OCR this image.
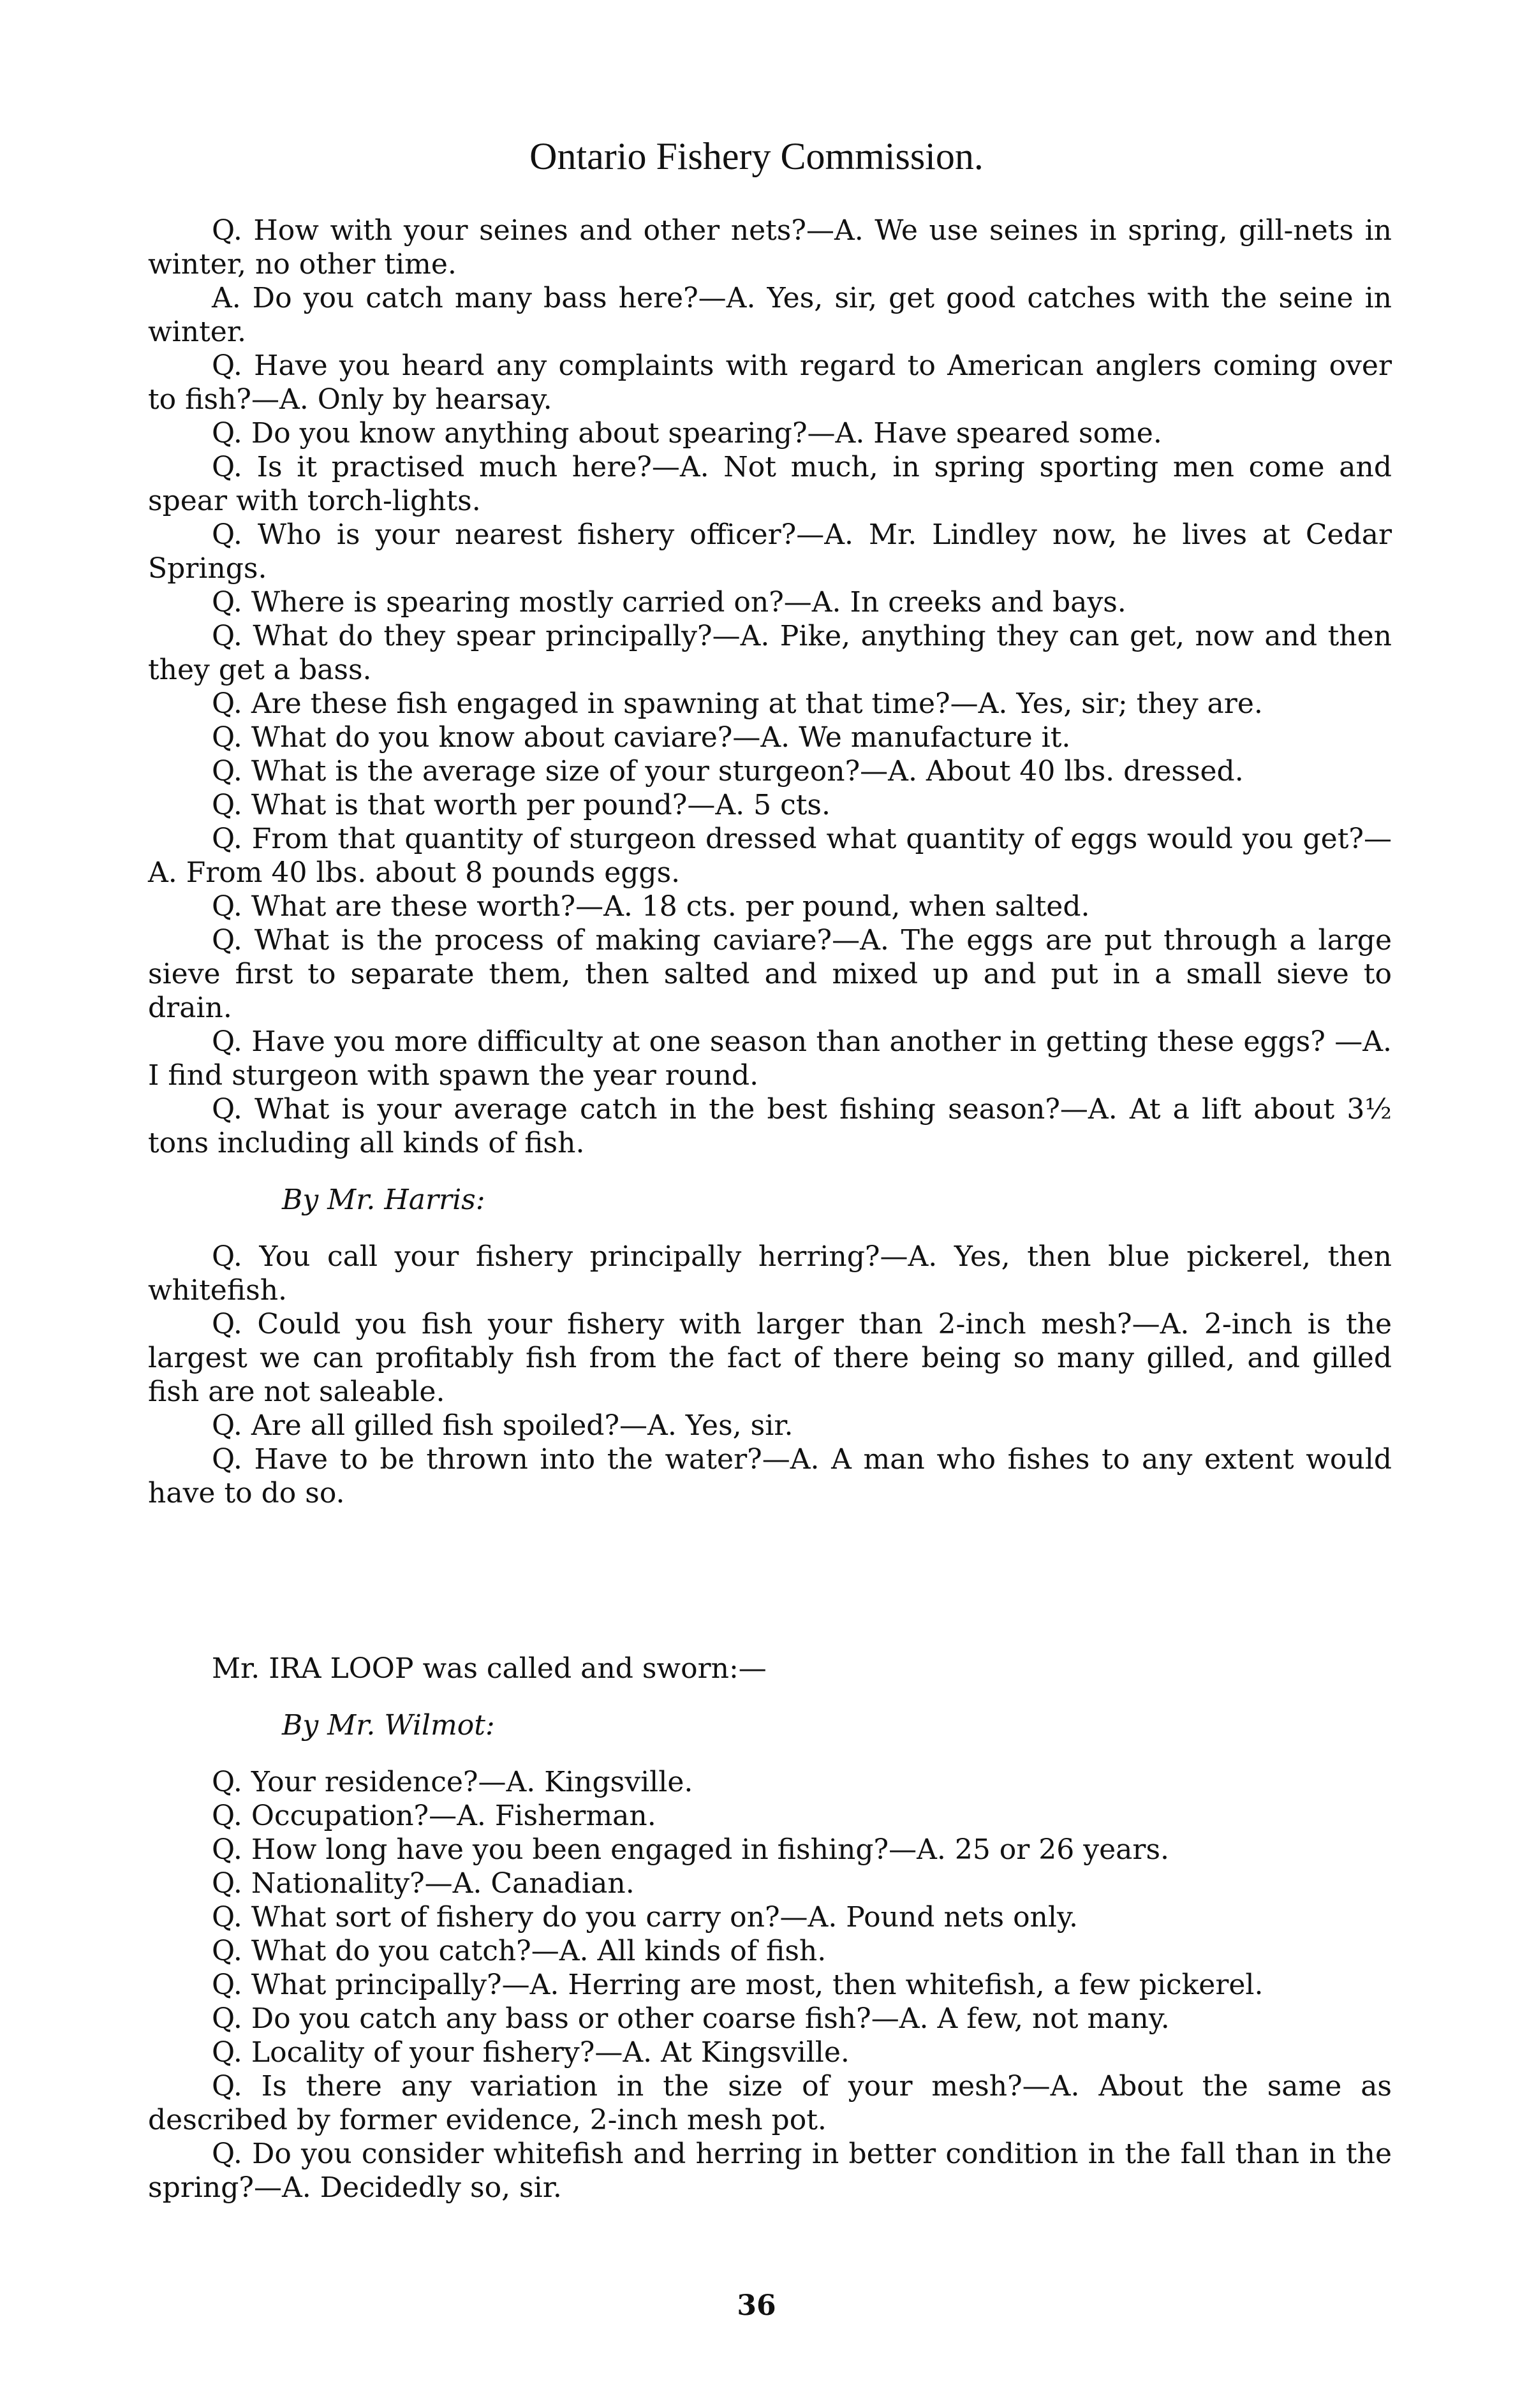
Ontario Fishery Commission.

Q. How with your seines and other nets?—A. We use seines in spring, gill-nets in winter, no other time.

A. Do you catch many bass here?—A. Yes, sir, get good catches with the seine in winter.

Q. Have you heard any complaints with regard to American anglers coming over to fish?—A. Only by hearsay.

Q. Do you know anything about spearing?—A. Have speared some.

Q. Is it practised much here?—A. Not much, in spring sporting men come and spear with torch-lights.

Q. Who is your nearest fishery officer?—A. Mr. Lindley now, he lives at Cedar Springs.

Q. Where is spearing mostly carried on?—A. In creeks and bays.

Q. What do they spear principally?—A. Pike, anything they can get, now and then they get a bass.

Q. Are these fish engaged in spawning at that time?—A. Yes, sir; they are.

Q. What do you know about caviare?—A. We manufacture it.

Q. What is the average size of your sturgeon?—A. About 40 lbs. dressed.

Q. What is that worth per pound?—A. 5 cts.

Q. From that quantity of sturgeon dressed what quantity of eggs would you get?—A. From 40 lbs. about 8 pounds eggs.

Q. What are these worth?—A. 18 cts. per pound, when salted.

Q. What is the process of making caviare?—A. The eggs are put through a large sieve first to separate them, then salted and mixed up and put in a small sieve to drain.

Q. Have you more difficulty at one season than another in getting these eggs? —A. I find sturgeon with spawn the year round.

Q. What is your average catch in the best fishing season?—A. At a lift about 3½ tons including all kinds of fish.

By Mr. Harris:

Q. You call your fishery principally herring?—A. Yes, then blue pickerel, then whitefish.

Q. Could you fish your fishery with larger than 2-inch mesh?—A. 2-inch is the largest we can profitably fish from the fact of there being so many gilled, and gilled fish are not saleable.

Q. Are all gilled fish spoiled?—A. Yes, sir.

Q. Have to be thrown into the water?—A. A man who fishes to any extent would have to do so.

Mr. IRA LOOP was called and sworn:—

By Mr. Wilmot:

Q. Your residence?—A. Kingsville.

Q. Occupation?—A. Fisherman.

Q. How long have you been engaged in fishing?—A. 25 or 26 years.

Q. Nationality?—A. Canadian.

Q. What sort of fishery do you carry on?—A. Pound nets only.

Q. What do you catch?—A. All kinds of fish.

Q. What principally?—A. Herring are most, then whitefish, a few pickerel.

Q. Do you catch any bass or other coarse fish?—A. A few, not many.

Q. Locality of your fishery?—A. At Kingsville.

Q. Is there any variation in the size of your mesh?—A. About the same as described by former evidence, 2-inch mesh pot.

Q. Do you consider whitefish and herring in better condition in the fall than in the spring?—A. Decidedly so, sir.

36
